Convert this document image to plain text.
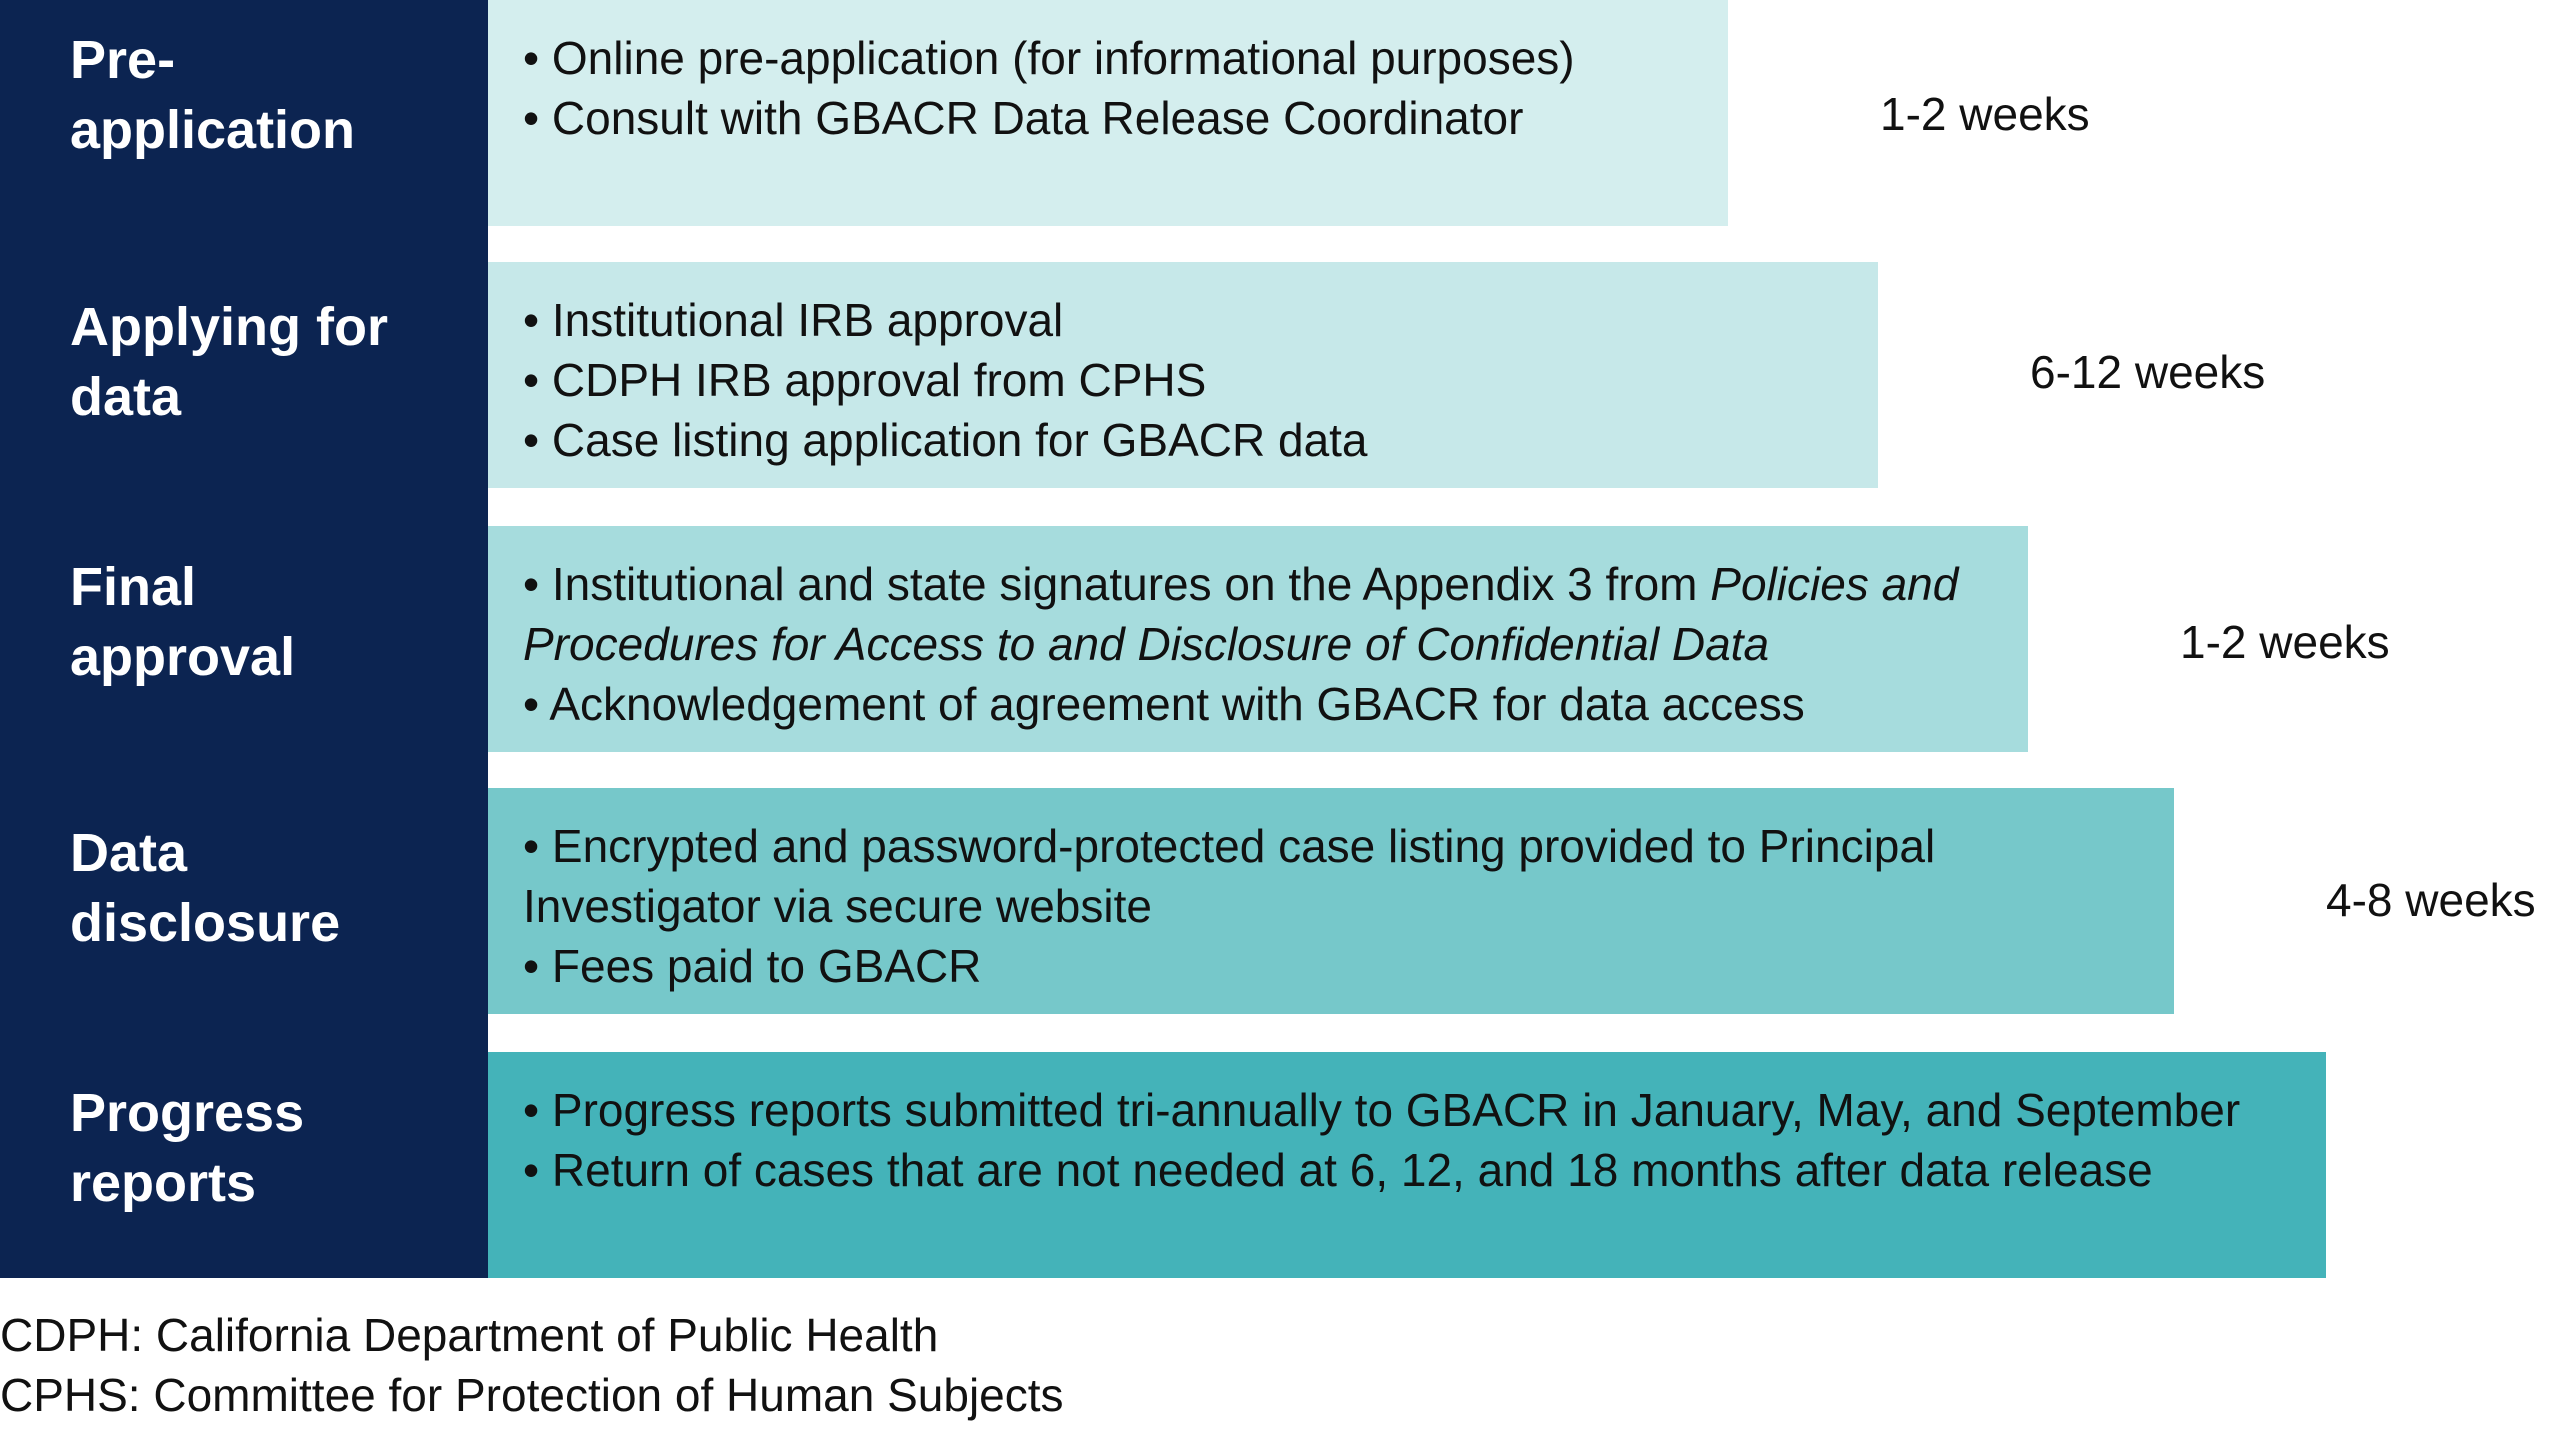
Pre-
application
• Online pre-application (for informational purposes)
• Consult with GBACR Data Release Coordinator	1-2 weeks
Applying for
data
• Institutional IRB approval
• CDPH IRB approval from CPHS
• Case listing application for GBACR data
6-12 weeks
Final
approval
• Institutional and state signatures on the Appendix 3 from Policies and Procedures for Access to and Disclosure of Confidential Data
• Acknowledgement of agreement with GBACR for data access
1-2 weeks
Data
disclosure
• Encrypted and password-protected case listing provided to Principal Investigator via secure website
• Fees paid to GBACR
4-8 weeks
Progress
reports
• Progress reports submitted tri-annually to GBACR in January, May, and September
• Return of cases that are not needed at 6, 12, and 18 months after data release
CDPH: California Department of Public Health
CPHS: Committee for Protection of Human Subjects
